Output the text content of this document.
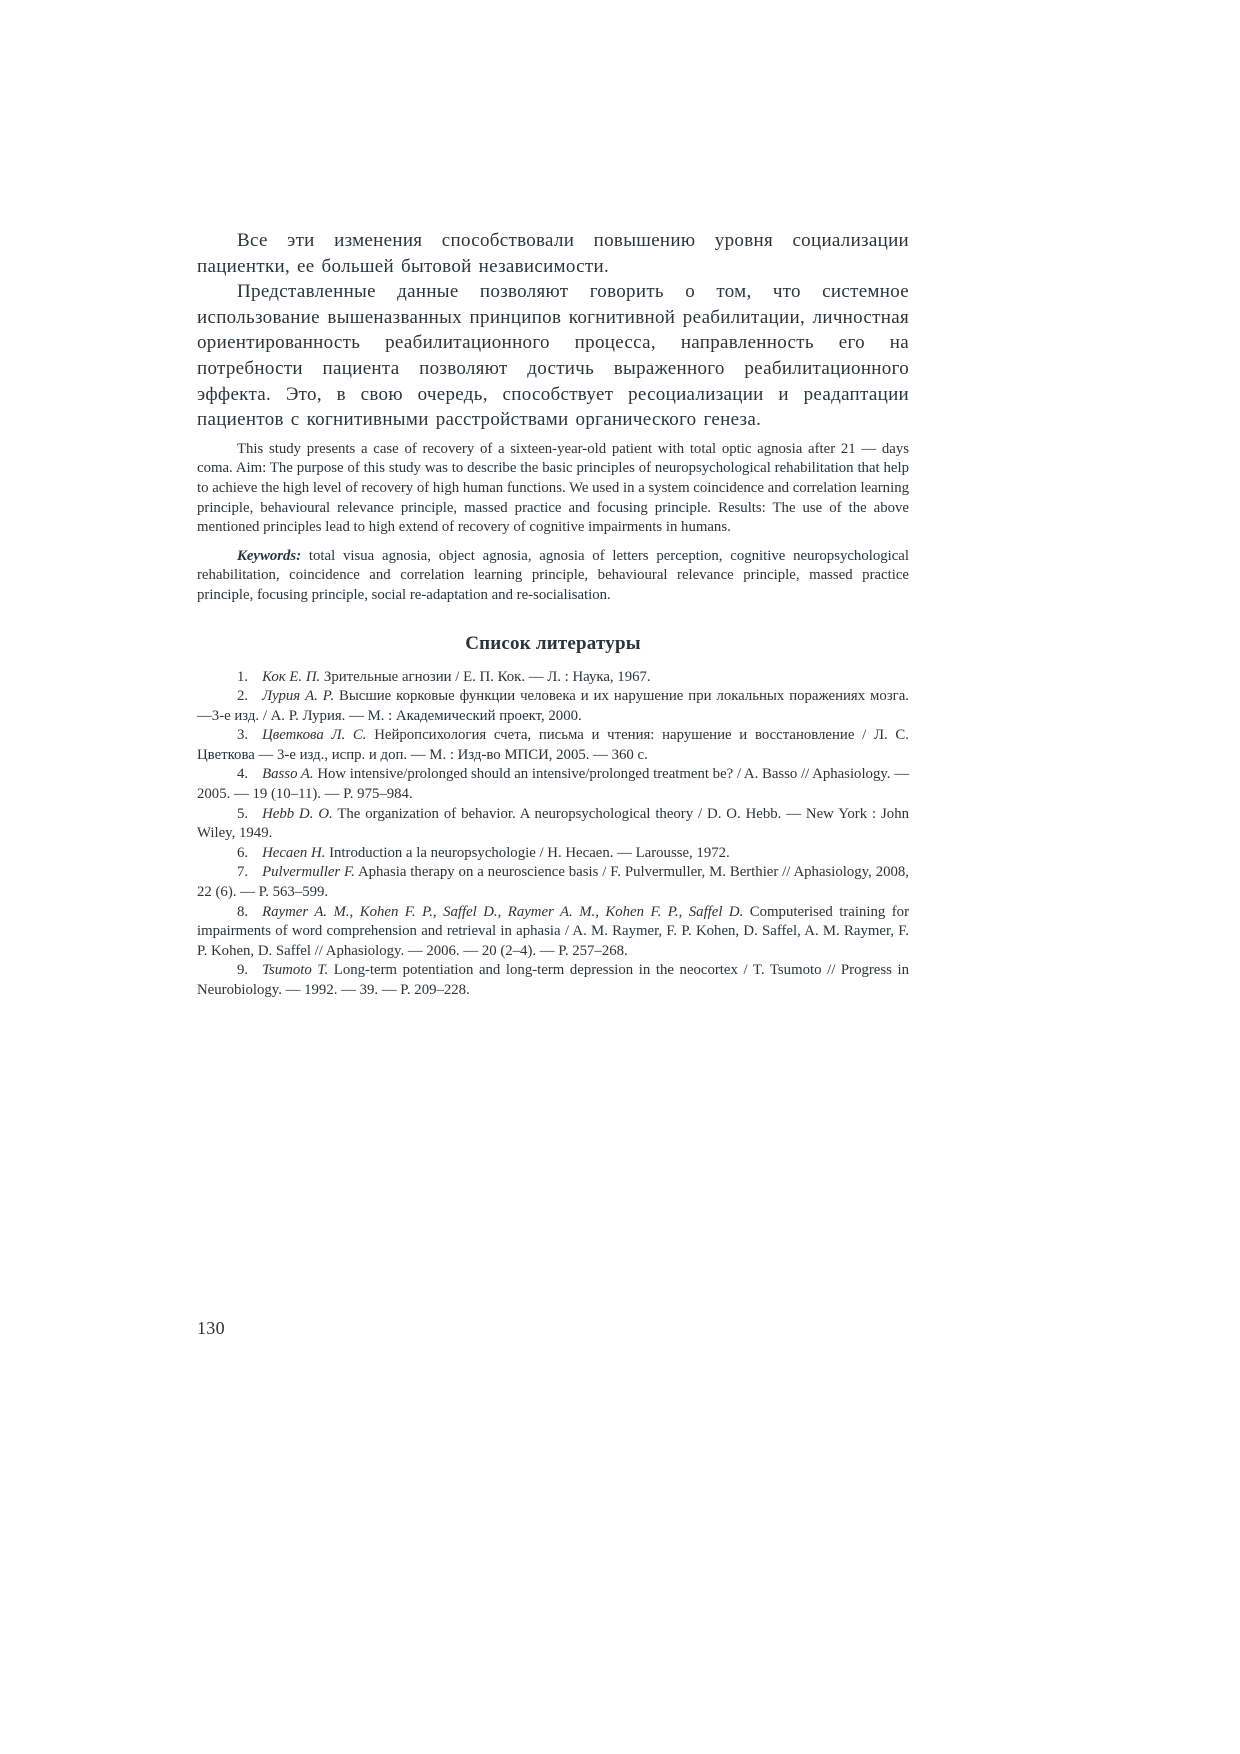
Все эти изменения способствовали повышению уровня социализации пациентки, ее большей бытовой независимости.

Представленные данные позволяют говорить о том, что системное использование вышеназванных принципов когнитивной реабилитации, личностная ориентированность реабилитационного процесса, направленность его на потребности пациента позволяют достичь выраженного реабилитационного эффекта. Это, в свою очередь, способствует ресоциализации и реадаптации пациентов с когнитивными расстройствами органического генеза.

This study presents a case of recovery of a sixteen-year-old patient with total optic agnosia after 21 — days coma. Aim: The purpose of this study was to describe the basic principles of neuropsychological rehabilitation that help to achieve the high level of recovery of high human functions. We used in a system coincidence and correlation learning principle, behavioural relevance principle, massed practice and focusing principle. Results: The use of the above mentioned principles lead to high extend of recovery of cognitive impairments in humans.

Keywords: total visua agnosia, object agnosia, agnosia of letters perception, cognitive neuropsychological rehabilitation, coincidence and correlation learning principle, behavioural relevance principle, massed practice principle, focusing principle, social re-adaptation and re-socialisation.

Список литературы

1. Кок Е. П. Зрительные агнозии / Е. П. Кок. — Л. : Наука, 1967.

2. Лурия А. Р. Высшие корковые функции человека и их нарушение при локальных поражениях мозга. —3-е изд. / А. Р. Лурия. — М. : Академический проект, 2000.

3. Цветкова Л. С. Нейропсихология счета, письма и чтения: нарушение и восстановление / Л. С. Цветкова — 3-е изд., испр. и доп. — М. : Изд-во МПСИ, 2005. — 360 с.

4. Basso A. How intensive/prolonged should an intensive/prolonged treatment be? / A. Basso // Aphasiology. — 2005. — 19 (10–11). — P. 975–984.

5. Hebb D. O. The organization of behavior. A neuropsychological theory / D. O. Hebb. — New York : John Wiley, 1949.

6. Hecaen H. Introduction a la neuropsychologie / H. Hecaen. — Larousse, 1972.

7. Pulvermuller F. Aphasia therapy on a neuroscience basis / F. Pulvermuller, M. Berthier // Aphasiology, 2008, 22 (6). — P. 563–599.

8. Raymer A. M., Kohen F. P., Saffel D., Raymer A. M., Kohen F. P., Saffel D. Computerised training for impairments of word comprehension and retrieval in aphasia / A. M. Raymer, F. P. Kohen, D. Saffel, A. M. Raymer, F. P. Kohen, D. Saffel // Aphasiology. — 2006. — 20 (2–4). — P. 257–268.

9. Tsumoto T. Long-term potentiation and long-term depression in the neocortex / T. Tsumoto // Progress in Neurobiology. — 1992. — 39. — P. 209–228.

130
